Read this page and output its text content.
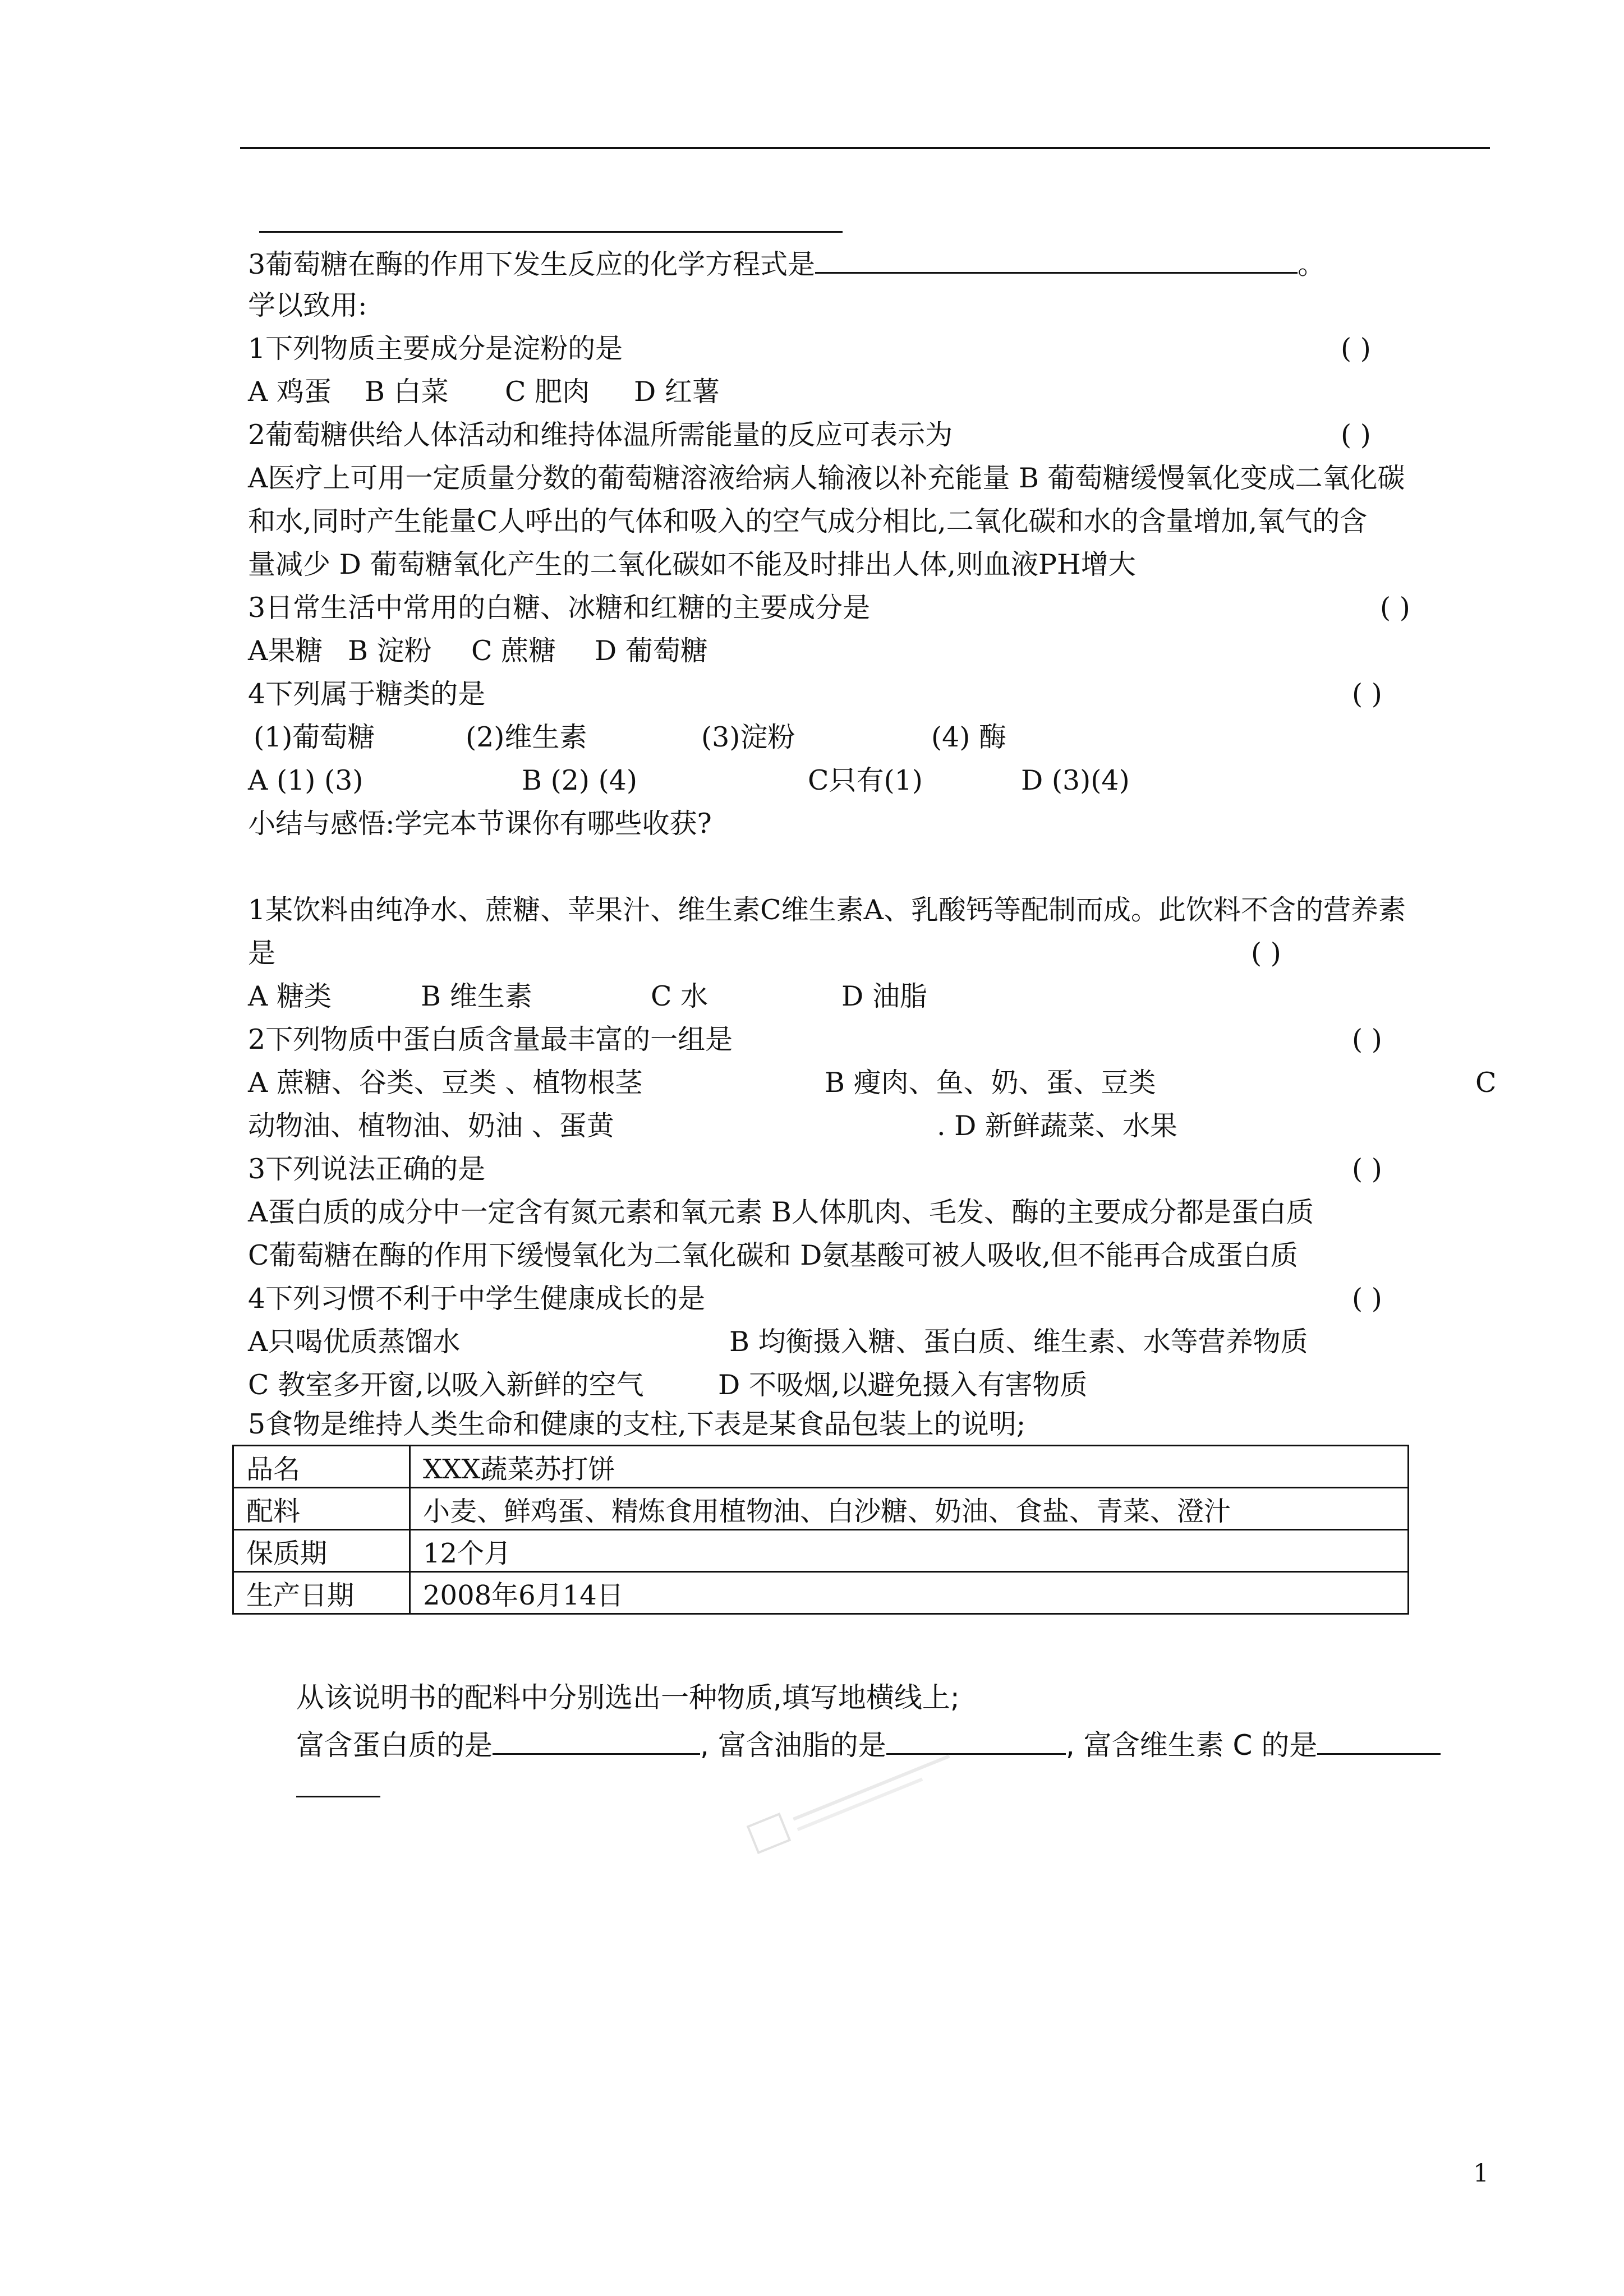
3葡萄糖在酶的作用下发生反应的化学方程式是	。
学以致用:
1下列物质主要成分是淀粉的是	( )
A 鸡蛋 B 白菜 C 肥肉 D 红薯
2葡萄糖供给人体活动和维持体温所需能量的反应可表示为	( )
A医疗上可用一定质量分数的葡萄糖溶液给病人输液以补充能量 B 葡萄糖缓慢氧化变成二氧化碳
和水,同时产生能量C人呼出的气体和吸入的空气成分相比,二氧化碳和水的含量增加,氧气的含
量减少 D 葡萄糖氧化产生的二氧化碳如不能及时排出人体,则血液PH增大
3日常生活中常用的白糖、冰糖和红糖的主要成分是	( )
A果糖 B 淀粉 C 蔗糖 D 葡萄糖
4下列属于糖类的是	( )
(1)葡萄糖	(2)维生素	(3)淀粉	(4) 酶
A (1) (3)	B (2) (4)	C只有(1)	D (3)(4)
小结与感悟:学完本节课你有哪些收获?
1某饮料由纯净水、蔗糖、苹果汁、维生素C维生素A、乳酸钙等配制而成。此饮料不含的营养素
是	( )
A 糖类	B 维生素	C 水	D 油脂
2下列物质中蛋白质含量最丰富的一组是	( )
A 蔗糖、谷类、豆类 、植物根茎	B 瘦肉、鱼、奶、蛋、豆类	C
动物油、植物油、奶油 、蛋黄	. D 新鲜蔬菜、水果
3下列说法正确的是	( )
A蛋白质的成分中一定含有氮元素和氧元素 B人体肌肉、毛发、酶的主要成分都是蛋白质
C葡萄糖在酶的作用下缓慢氧化为二氧化碳和 D氨基酸可被人吸收,但不能再合成蛋白质
4下列习惯不利于中学生健康成长的是	( )
A只喝优质蒸馏水	B 均衡摄入糖、蛋白质、维生素、水等营养物质
C 教室多开窗,以吸入新鲜的空气	D 不吸烟,以避免摄入有害物质
5食物是维持人类生命和健康的支柱,下表是某食品包装上的说明;
品名	XXX蔬菜苏打饼
配料	小麦、鲜鸡蛋、精炼食用植物油、白沙糖、奶油、食盐、青菜、澄汁
保质期	12个月
生产日期	2008年6月14日
从该说明书的配料中分别选出一种物质,填写地横线上;
富含蛋白质的是	, 富含油脂的是	, 富含维生素 C 的是
1
